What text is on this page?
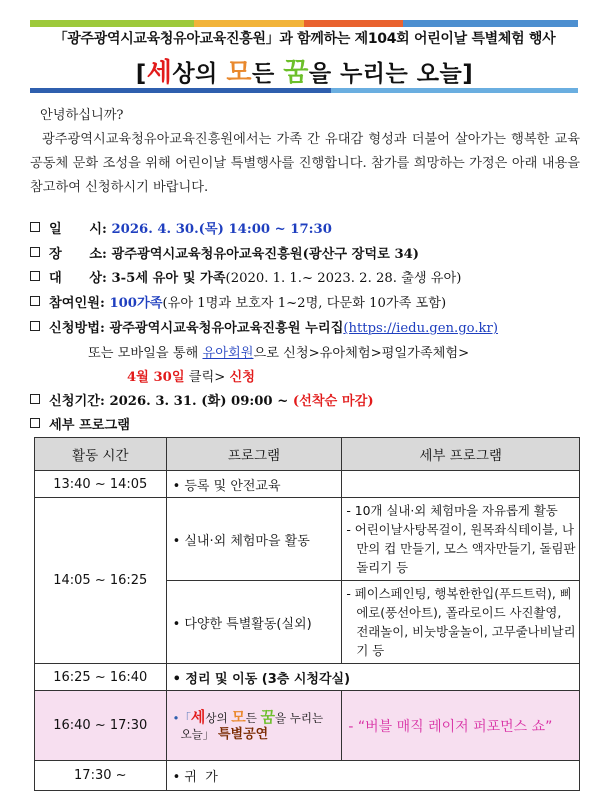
「광주광역시교육청유아교육진흥원」과 함께하는 제104회 어린이날 특별체험 행사
[세상의 모든 꿈을 누리는 오늘]
안녕하십니까?
광주광역시교육청유아교육진흥원에서는 가족 간 유대감 형성과 더불어 살아가는 행복한 교육공동체 문화 조성을 위해 어린이날 특별행사를 진행합니다. 참가를 희망하는 가정은 아래 내용을 참고하여 신청하시기 바랍니다.
일      시: 2026. 4. 30.(목) 14:00 ~ 17:30
장      소: 광주광역시교육청유아교육진흥원(광산구 장덕로 34)
대      상: 3-5세 유아 및 가족(2020. 1. 1.~ 2023. 2. 28. 출생 유아)
참여인원: 100가족(유아 1명과 보호자 1~2명, 다문화 10가족 포함)
신청방법: 광주광역시교육청유아교육진흥원 누리집(https://iedu.gen.go.kr)
또는 모바일을 통해 유아회원으로 신청>유아체험>평일가족체험>
4월 30일 클릭> 신청
신청기간: 2026. 3. 31. (화) 09:00 ~ (선착순 마감)
세부 프로그램
활동 시간	프로그램	세부 프로그램
13:40 ~ 14:05	• 등록 및 안전교육	
14:05 ~ 16:25	• 실내·외 체험마을 활동	- 10개 실내·외 체험마을 자유롭게 활동
- 어린이날사탕목걸이, 원목좌식테이블, 나만의 컵 만들기, 모스 액자만들기, 돌림판 돌리기 등

	• 다양한 특별활동(실외)	- 페이스페인팅, 행복한한입(푸드트럭), 삐에로(풍선아트), 폴라로이드 사진촬영, 전래놀이, 비눗방울놀이, 고무줄나비날리기 등

16:25 ~ 16:40	• 정리 및 이동 (3층 시청각실)	
16:40 ~ 17:30	•「세상의 모든 꿈을 누리는
오늘」 특별공연	- “버블 매직 레이저 퍼포먼스 쇼”
17:30 ~	• 귀  가	
